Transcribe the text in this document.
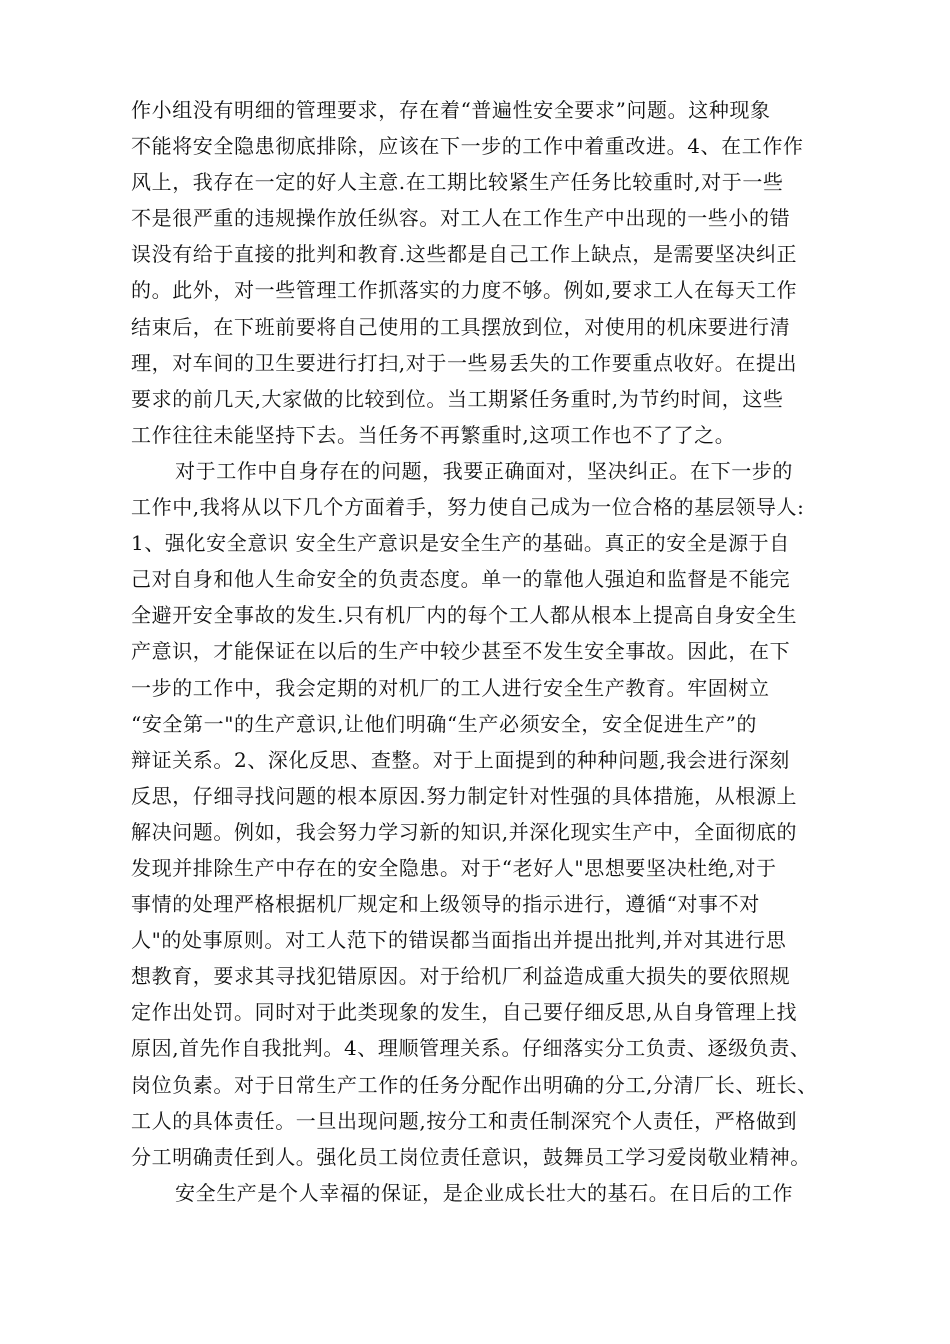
作小组没有明细的管理要求，存在着“普遍性安全要求”问题。这种现象
不能将安全隐患彻底排除，应该在下一步的工作中着重改进。4、在工作作
风上，我存在一定的好人主意.在工期比较紧生产任务比较重时,对于一些
不是很严重的违规操作放任纵容。对工人在工作生产中出现的一些小的错
误没有给于直接的批判和教育.这些都是自己工作上缺点，是需要坚决纠正
的。此外，对一些管理工作抓落实的力度不够。例如,要求工人在每天工作
结束后，在下班前要将自己使用的工具摆放到位，对使用的机床要进行清
理，对车间的卫生要进行打扫,对于一些易丢失的工作要重点收好。在提出
要求的前几天,大家做的比较到位。当工期紧任务重时,为节约时间，这些
工作往往未能坚持下去。当任务不再繁重时,这项工作也不了了之。
对于工作中自身存在的问题，我要正确面对，坚决纠正。在下一步的
工作中,我将从以下几个方面着手，努力使自己成为一位合格的基层领导人:
1、强化安全意识 安全生产意识是安全生产的基础。真正的安全是源于自
己对自身和他人生命安全的负责态度。单一的靠他人强迫和监督是不能完
全避开安全事故的发生.只有机厂内的每个工人都从根本上提高自身安全生
产意识，才能保证在以后的生产中较少甚至不发生安全事故。因此，在下
一步的工作中，我会定期的对机厂的工人进行安全生产教育。牢固树立
“安全第一"的生产意识,让他们明确“生产必须安全，安全促进生产”的
辩证关系。2、深化反思、查整。对于上面提到的种种问题,我会进行深刻
反思，仔细寻找问题的根本原因.努力制定针对性强的具体措施，从根源上
解决问题。例如，我会努力学习新的知识,并深化现实生产中，全面彻底的
发现并排除生产中存在的安全隐患。对于“老好人"思想要坚决杜绝,对于
事情的处理严格根据机厂规定和上级领导的指示进行，遵循“对事不对
人"的处事原则。对工人范下的错误都当面指出并提出批判,并对其进行思
想教育，要求其寻找犯错原因。对于给机厂利益造成重大损失的要依照规
定作出处罚。同时对于此类现象的发生，自己要仔细反思,从自身管理上找
原因,首先作自我批判。4、理顺管理关系。仔细落实分工负责、逐级负责、
岗位负素。对于日常生产工作的任务分配作出明确的分工,分清厂长、班长、
工人的具体责任。一旦出现问题,按分工和责任制深究个人责任，严格做到
分工明确责任到人。强化员工岗位责任意识，鼓舞员工学习爱岗敬业精神。
安全生产是个人幸福的保证，是企业成长壮大的基石。在日后的工作
